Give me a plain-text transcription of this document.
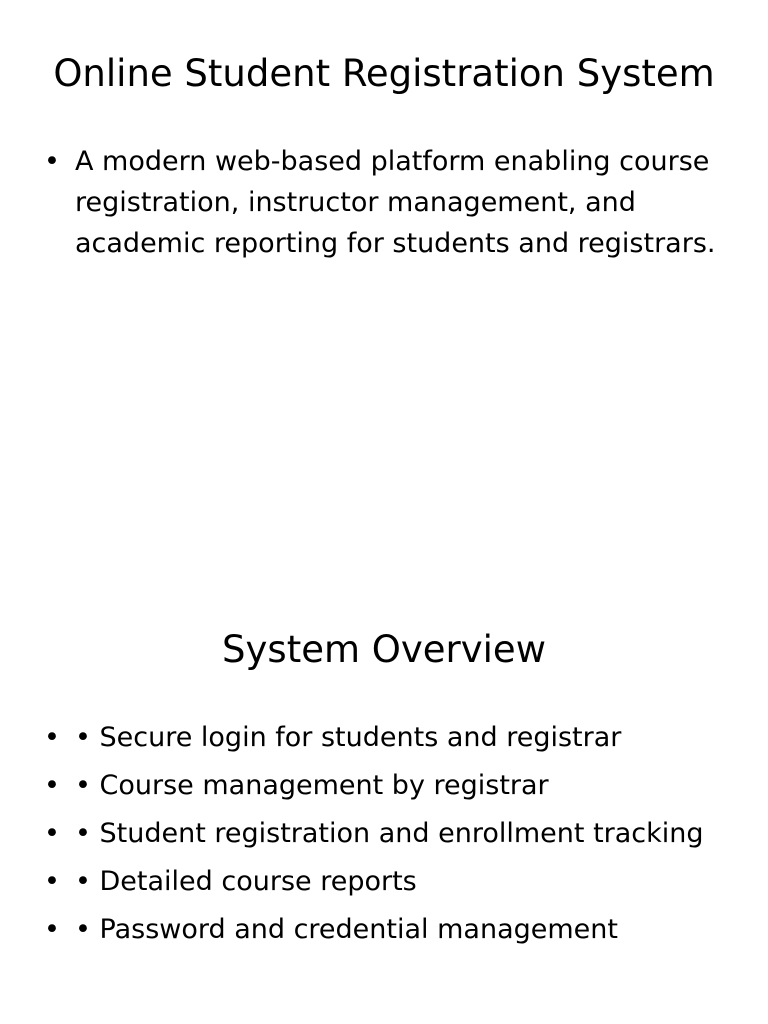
Online Student Registration System
• A modern web-based platform enabling course registration, instructor management, and academic reporting for students and registrars.
System Overview
• • Secure login for students and registrar
• • Course management by registrar
• • Student registration and enrollment tracking
• • Detailed course reports
• • Password and credential management
